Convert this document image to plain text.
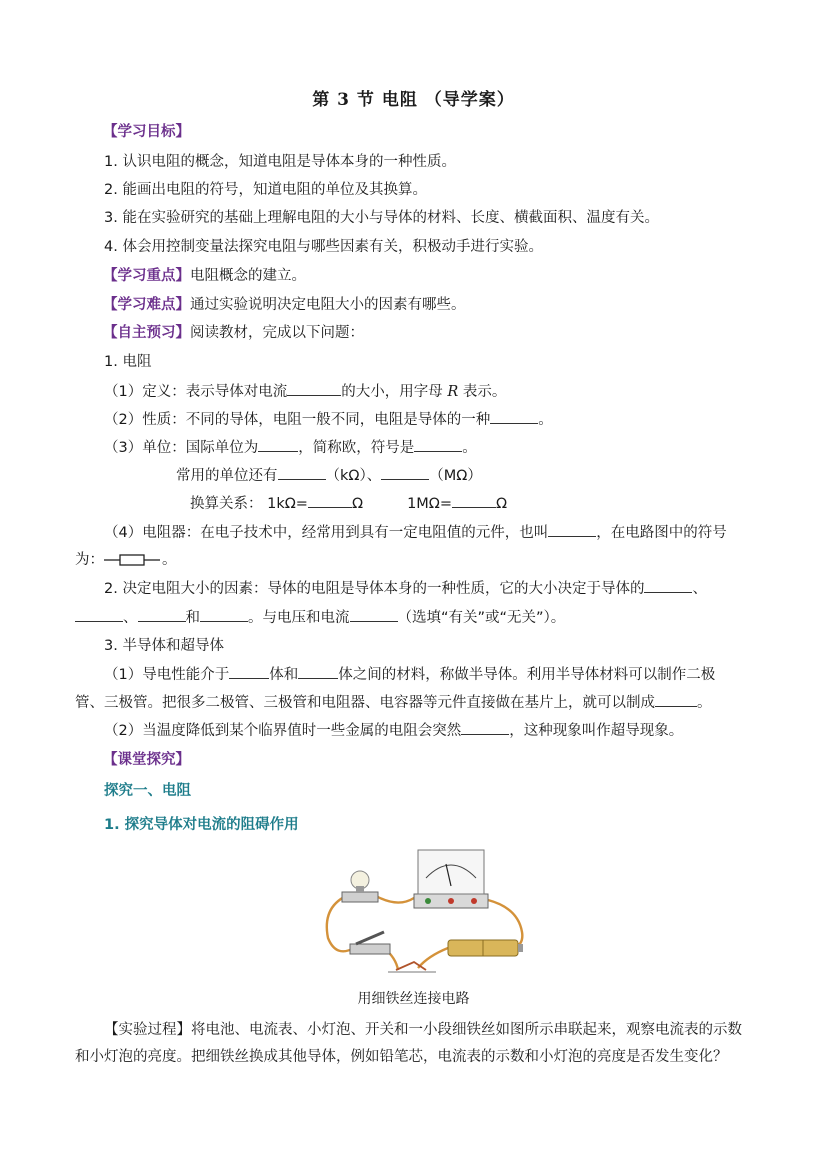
第 3 节 电阻 （导学案）
【学习目标】
1. 认识电阻的概念，知道电阻是导体本身的一种性质。
2. 能画出电阻的符号，知道电阻的单位及其换算。
3. 能在实验研究的基础上理解电阻的大小与导体的材料、长度、横截面积、温度有关。
4. 体会用控制变量法探究电阻与哪些因素有关，积极动手进行实验。
【学习重点】电阻概念的建立。
【学习难点】通过实验说明决定电阻大小的因素有哪些。
【自主预习】阅读教材，完成以下问题：
1. 电阻
（1）定义：表示导体对电流	的大小，用字母 R 表示。
（2）性质：不同的导体，电阻一般不同，电阻是导体的一种	。
（3）单位：国际单位为	，简称欧，符号是	。
常用的单位还有	（kΩ）、	（MΩ）
换算关系： 1kΩ=	Ω	1MΩ=	Ω
（4）电阻器：在电子技术中，经常用到具有一定电阻值的元件，也叫	，在电路图中的符号
为：	。
2. 决定电阻大小的因素：导体的电阻是导体本身的一种性质，它的大小决定于导体的	、
、	和	。与电压和电流	（选填“有关”或“无关”）。
3. 半导体和超导体
（1）导电性能介于	体和	体之间的材料，称做半导体。利用半导体材料可以制作二极
管、三极管。把很多二极管、三极管和电阻器、电容器等元件直接做在基片上，就可以制成	。
（2）当温度降低到某个临界值时一些金属的电阻会突然	，这种现象叫作超导现象。
【课堂探究】
探究一、电阻
1. 探究导体对电流的阻碍作用
用细铁丝连接电路
【实验过程】将电池、电流表、小灯泡、开关和一小段细铁丝如图所示串联起来，观察电流表的示数
和小灯泡的亮度。把细铁丝换成其他导体，例如铅笔芯，电流表的示数和小灯泡的亮度是否发生变化？
